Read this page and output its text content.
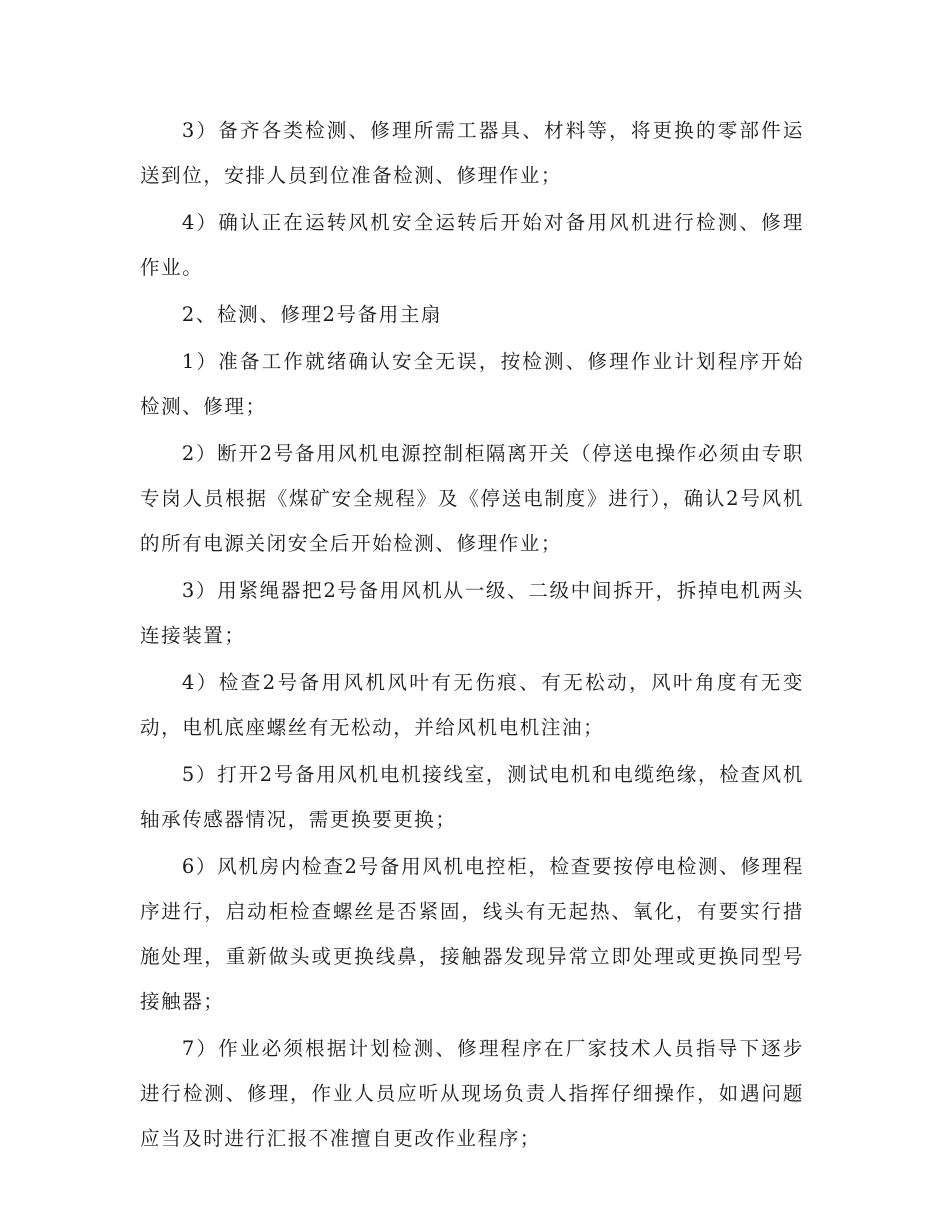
3）备齐各类检测、修理所需工器具、材料等，将更换的零部件运送到位，安排人员到位准备检测、修理作业；

4）确认正在运转风机安全运转后开始对备用风机进行检测、修理作业。

2、检测、修理2号备用主扇

1）准备工作就绪确认安全无误，按检测、修理作业计划程序开始检测、修理；

2）断开2号备用风机电源控制柜隔离开关（停送电操作必须由专职专岗人员根据《煤矿安全规程》及《停送电制度》进行），确认2号风机的所有电源关闭安全后开始检测、修理作业；

3）用紧绳器把2号备用风机从一级、二级中间拆开，拆掉电机两头连接装置；

4）检查2号备用风机风叶有无伤痕、有无松动，风叶角度有无变动，电机底座螺丝有无松动，并给风机电机注油；

5）打开2号备用风机电机接线室，测试电机和电缆绝缘，检查风机轴承传感器情况，需更换要更换；

6）风机房内检查2号备用风机电控柜，检查要按停电检测、修理程序进行，启动柜检查螺丝是否紧固，线头有无起热、氧化，有要实行措施处理，重新做头或更换线鼻，接触器发现异常立即处理或更换同型号接触器；

7）作业必须根据计划检测、修理程序在厂家技术人员指导下逐步进行检测、修理，作业人员应听从现场负责人指挥仔细操作，如遇问题应当及时进行汇报不准擅自更改作业程序；
